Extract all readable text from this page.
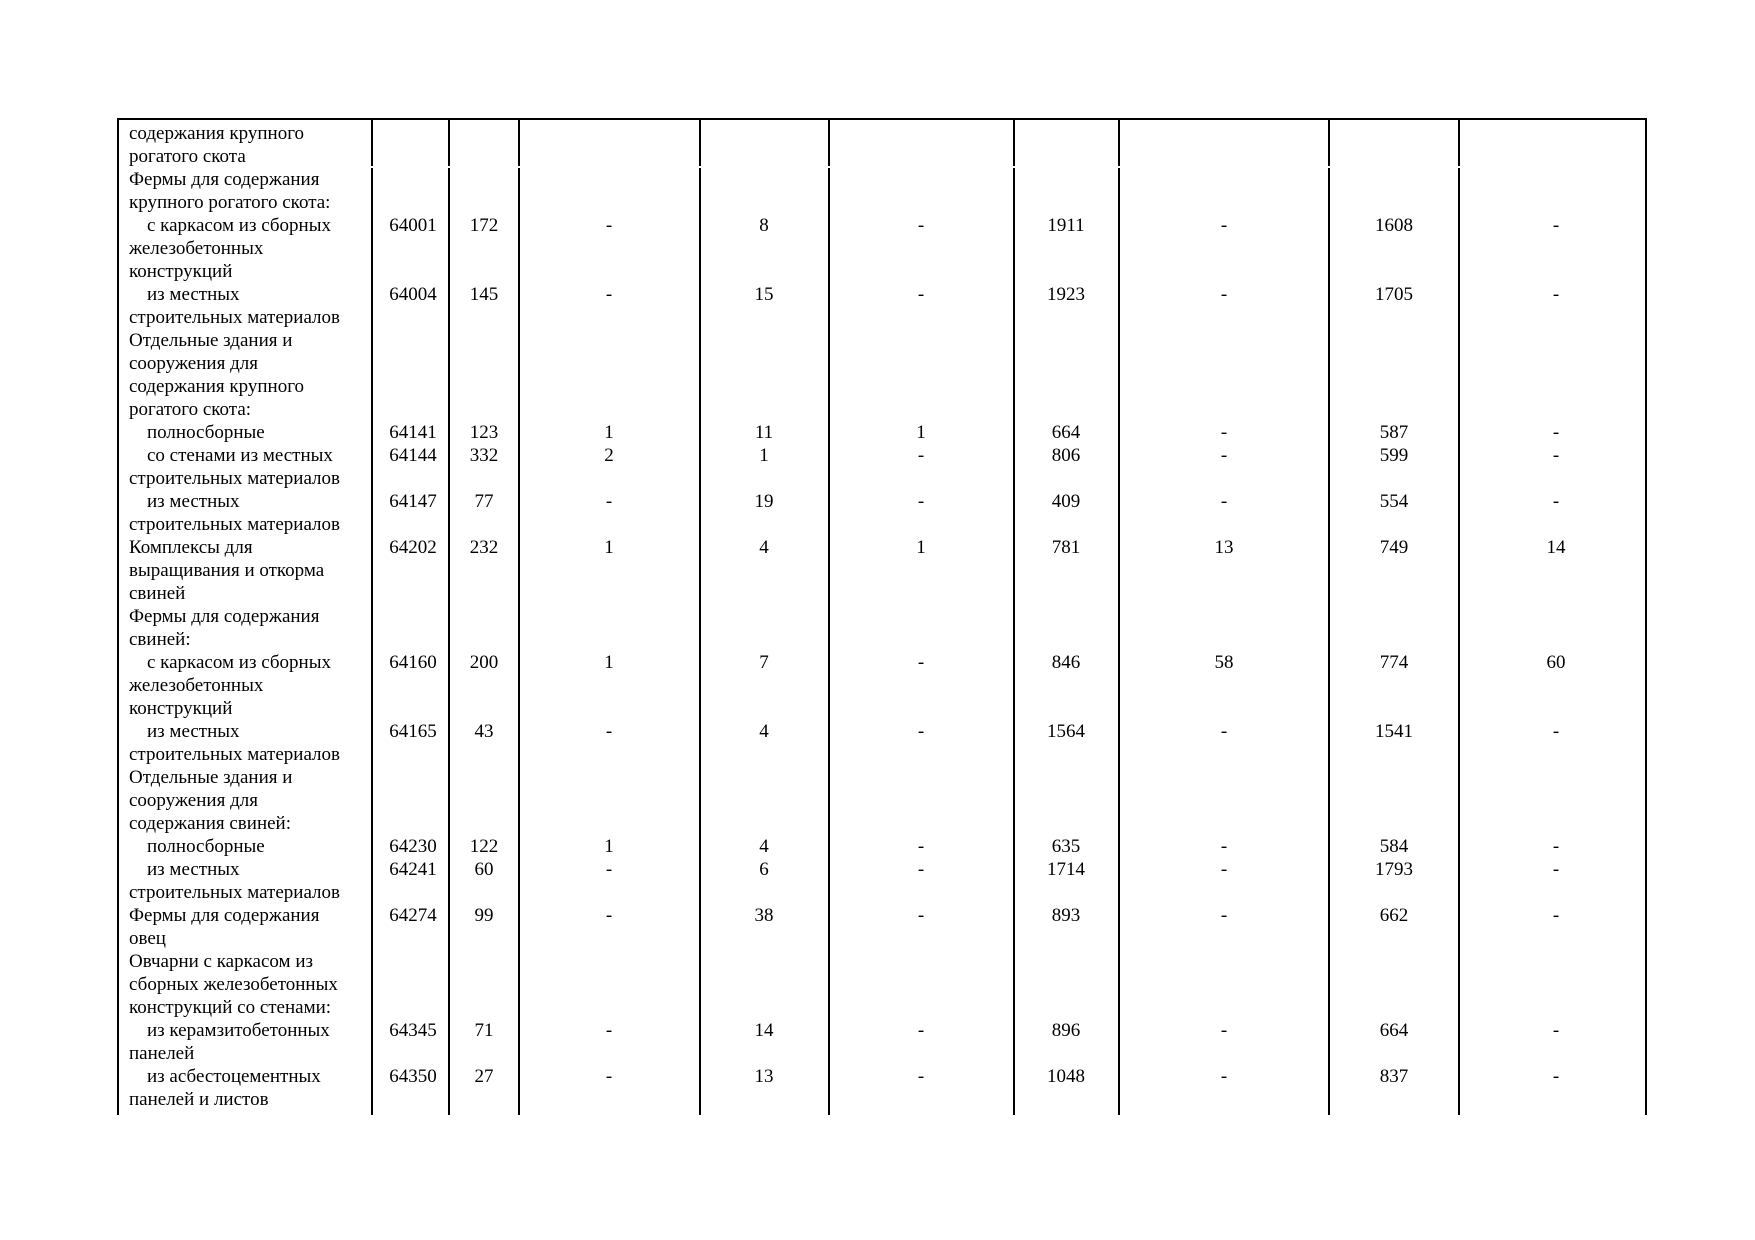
содержания крупного
рогатого скота
Фермы для содержания
крупного рогатого скота:
с каркасом из сборных
железобетонных
конструкций
64001	172	-	8	-	1911	-	1608	-
из местных
строительных материалов
64004	145	-	15	-	1923	-	1705	-
Отдельные здания и
сооружения для
содержания крупного
рогатого скота:
полносборные	64141	123	1	11	1	664	-	587	-
со стенами из местных
строительных материалов
64144	332	2	1	-	806	-	599	-
из местных
строительных материалов
64147	77	-	19	-	409	-	554	-
Комплексы для
выращивания и откорма
свиней
64202	232	1	4	1	781	13	749	14
Фермы для содержания
свиней:
с каркасом из сборных
железобетонных
конструкций
64160	200	1	7	-	846	58	774	60
из местных
строительных материалов
64165	43	-	4	-	1564	-	1541	-
Отдельные здания и
сооружения для
содержания свиней:
полносборные	64230	122	1	4	-	635	-	584	-
из местных
строительных материалов
64241	60	-	6	-	1714	-	1793	-
Фермы для содержания
овец
64274	99	-	38	-	893	-	662	-
Овчарни с каркасом из
сборных железобетонных
конструкций со стенами:
из керамзитобетонных
панелей
64345	71	-	14	-	896	-	664	-
из асбестоцементных
панелей и листов
64350	27	-	13	-	1048	-	837	-
